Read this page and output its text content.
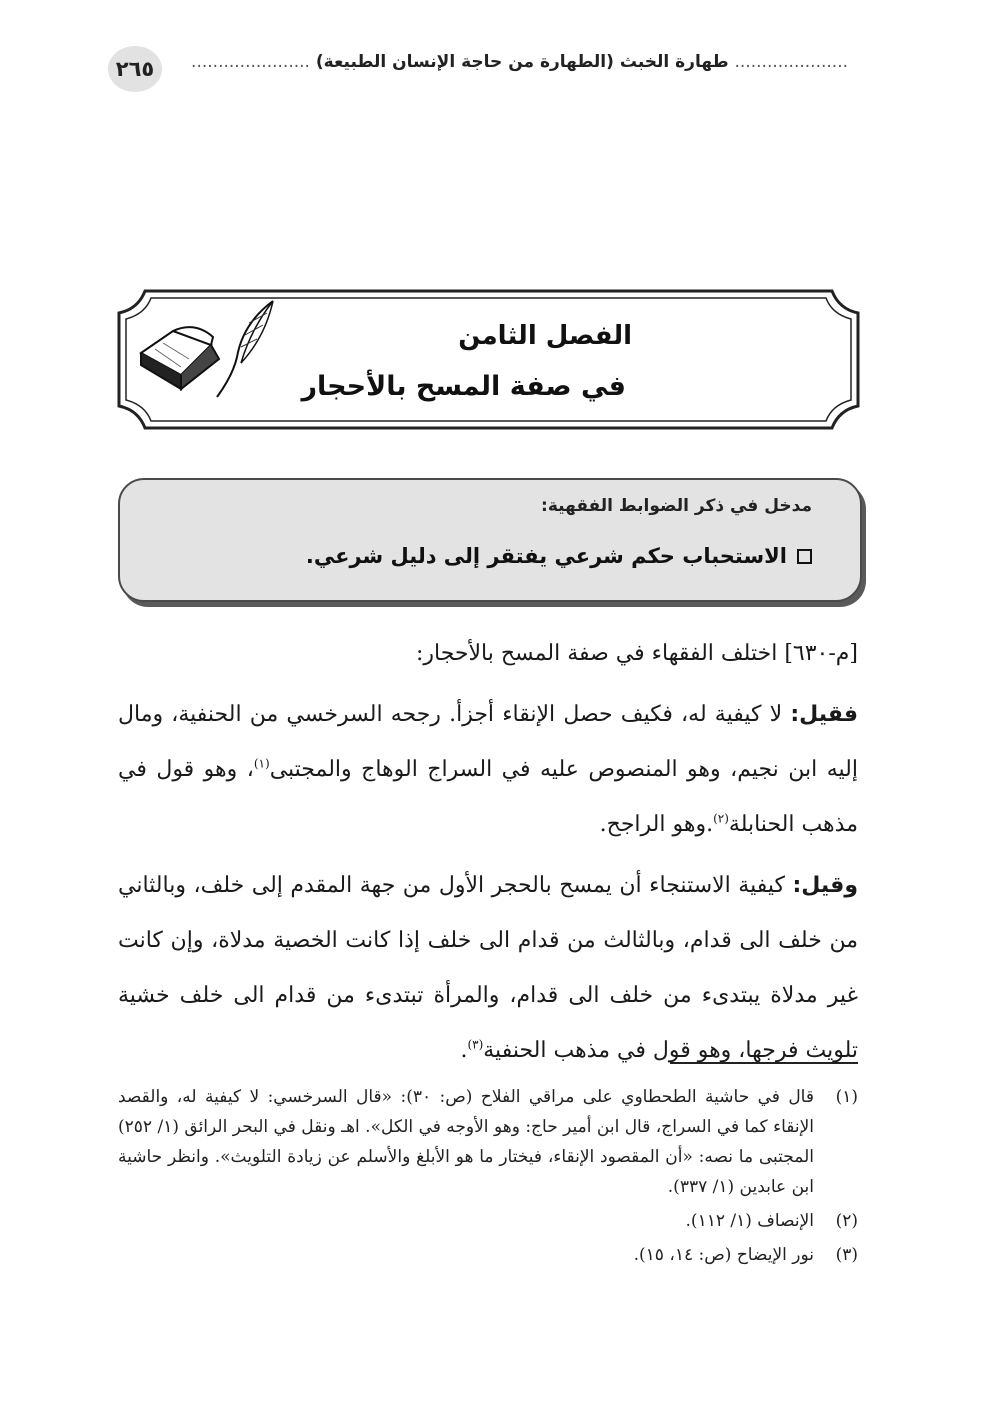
٢٦٥	..................... طهارة الخبث (الطهارة من حاجة الإنسان الطبيعة) ......................
الفصل الثامن
في صفة المسح بالأحجار
مدخل في ذكر الضوابط الفقهية:
الاستحباب حكم شرعي يفتقر إلى دليل شرعي.

[م-٦٣٠] اختلف الفقهاء في صفة المسح بالأحجار:

فقيل: لا كيفية له، فكيف حصل الإنقاء أجزأ. رجحه السرخسي من الحنفية، ومال إليه ابن نجيم، وهو المنصوص عليه في السراج الوهاج والمجتبى$^{(١)}$، وهو قول في مذهب الحنابلة$^{(٢)}$.وهو الراجح.

وقيل: كيفية الاستنجاء أن يمسح بالحجر الأول من جهة المقدم إلى خلف، وبالثاني من خلف الى قدام، وبالثالث من قدام الى خلف إذا كانت الخصية مدلاة، وإن كانت غير مدلاة يبتدىء من خلف الى قدام، والمرأة تبتدىء من قدام الى خلف خشية تلويث فرجها، وهو قول في مذهب الحنفية$^{(٣)}$.

(١)
قال في حاشية الطحطاوي على مراقي الفلاح (ص: ٣٠): «قال السرخسي: لا كيفية له، والقصد الإنقاء كما في السراج، قال ابن أمير حاج: وهو الأوجه في الكل». اهـ ونقل في البحر الرائق (١/ ٢٥٢) المجتبى ما نصه: «أن المقصود الإنقاء، فيختار ما هو الأبلغ والأسلم عن زيادة التلويث». وانظر حاشية ابن عابدين (١/ ٣٣٧).
(٢)
الإنصاف (١/ ١١٢).
(٣)
نور الإيضاح (ص: ١٤، ١٥).
